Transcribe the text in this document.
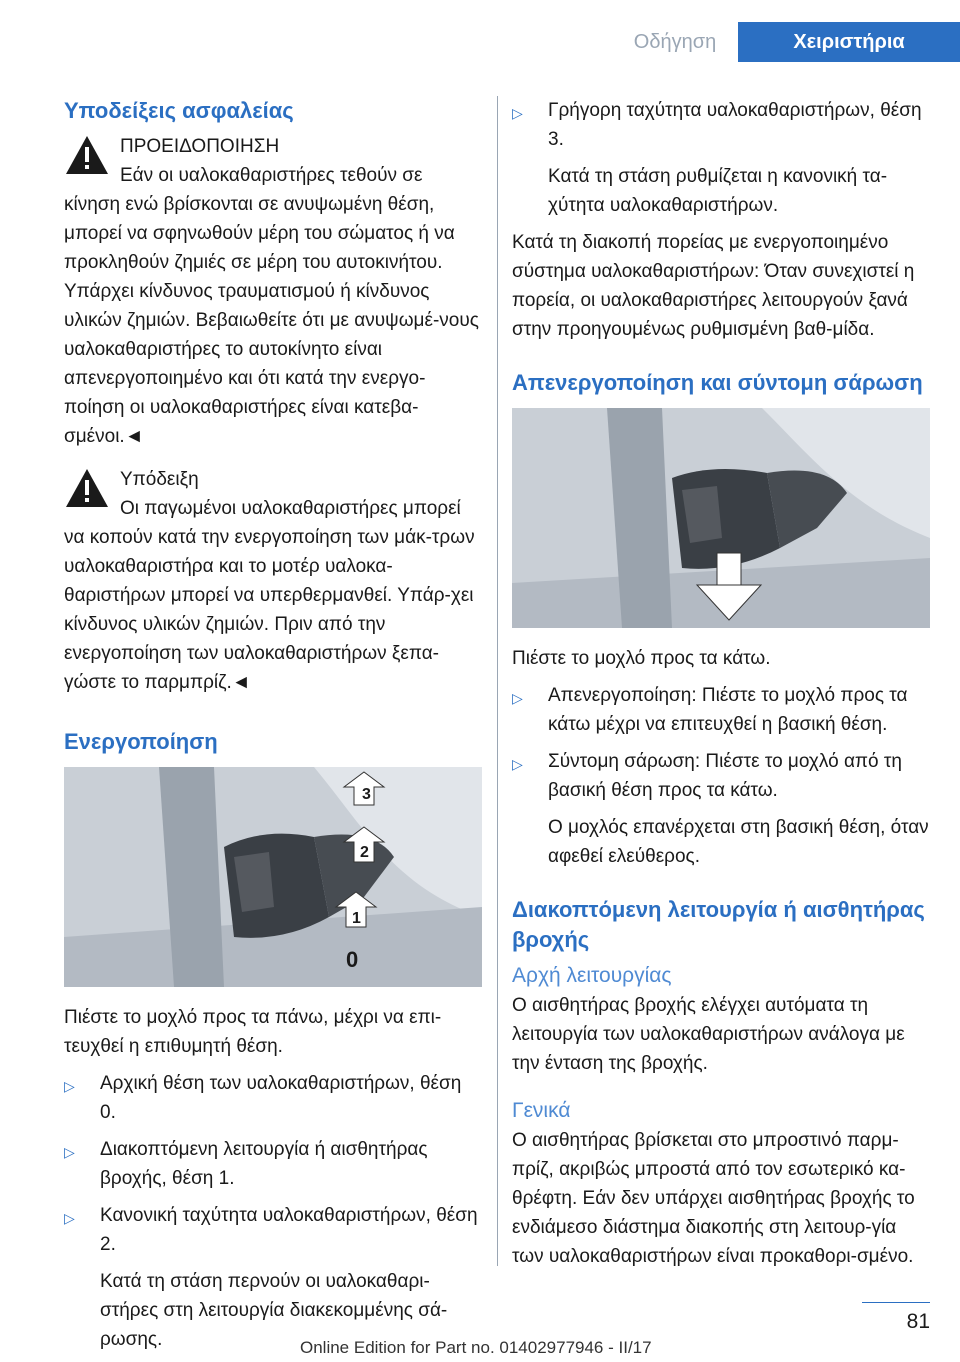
Οδήγηση	Χειριστήρια
Υποδείξεις ασφαλείας
ΠΡΟΕΙΔΟΠΟΙΗΣΗ
Εάν οι υαλοκαθαριστήρες τεθούν σε κίνηση ενώ βρίσκονται σε ανυψωμένη θέση, μπορεί να σφηνωθούν μέρη του σώματος ή να προκληθούν ζημιές σε μέρη του αυτοκινήτου. Υπάρχει κίνδυνος τραυματισμού ή κίνδυνος υλικών ζημιών. Βεβαιωθείτε ότι με ανυψωμέ-νους υαλοκαθαριστήρες το αυτοκίνητο είναι απενεργοποιημένο και ότι κατά την ενεργο-ποίηση οι υαλοκαθαριστήρες είναι κατεβα-σμένοι.◄
Υπόδειξη
Οι παγωμένοι υαλοκαθαριστήρες μπορεί να κοπούν κατά την ενεργοποίηση των μάκ-τρων υαλοκαθαριστήρα και το μοτέρ υαλοκα-θαριστήρων μπορεί να υπερθερμανθεί. Υπάρ-χει κίνδυνος υλικών ζημιών. Πριν από την ενεργοποίηση των υαλοκαθαριστήρων ξεπα-γώστε το παρμπρίζ.◄
Ενεργοποίηση
3
2
1
0

Πιέστε το μοχλό προς τα πάνω, μέχρι να επι-τευχθεί η επιθυμητή θέση.

▷	Αρχική θέση των υαλοκαθαριστήρων, θέση 0.
▷	Διακοπτόμενη λειτουργία ή αισθητήρας βροχής, θέση 1.
▷	Κανονική ταχύτητα υαλοκαθαριστήρων, θέση 2.

Κατά τη στάση περνούν οι υαλοκαθαρι-στήρες στη λειτουργία διακεκομμένης σά-ρωσης.

▷	Γρήγορη ταχύτητα υαλοκαθαριστήρων, θέση 3.

Κατά τη στάση ρυθμίζεται η κανονική τα-χύτητα υαλοκαθαριστήρων.

Κατά τη διακοπή πορείας με ενεργοποιημένο σύστημα υαλοκαθαριστήρων: Όταν συνεχιστεί η πορεία, οι υαλοκαθαριστήρες λειτουργούν ξανά στην προηγουμένως ρυθμισμένη βαθ-μίδα.

Απενεργοποίηση και σύντομη σάρωση

Πιέστε το μοχλό προς τα κάτω.

▷	Απενεργοποίηση: Πιέστε το μοχλό προς τα κάτω μέχρι να επιτευχθεί η βασική θέση.
▷	Σύντομη σάρωση: Πιέστε το μοχλό από τη βασική θέση προς τα κάτω.

Ο μοχλός επανέρχεται στη βασική θέση, όταν αφεθεί ελεύθερος.

Διακοπτόμενη λειτουργία ή αισθητήρας βροχής
Αρχή λειτουργίας

Ο αισθητήρας βροχής ελέγχει αυτόματα τη λειτουργία των υαλοκαθαριστήρων ανάλογα με την ένταση της βροχής.

Γενικά

Ο αισθητήρας βρίσκεται στο μπροστινό παρμ-πρίζ, ακριβώς μπροστά από τον εσωτερικό κα-θρέφτη. Εάν δεν υπάρχει αισθητήρας βροχής το ενδιάμεσο διάστημα διακοπής στη λειτουρ-γία των υαλοκαθαριστήρων είναι προκαθορι-σμένο.

81
Online Edition for Part no. 01402977946 - II/17
